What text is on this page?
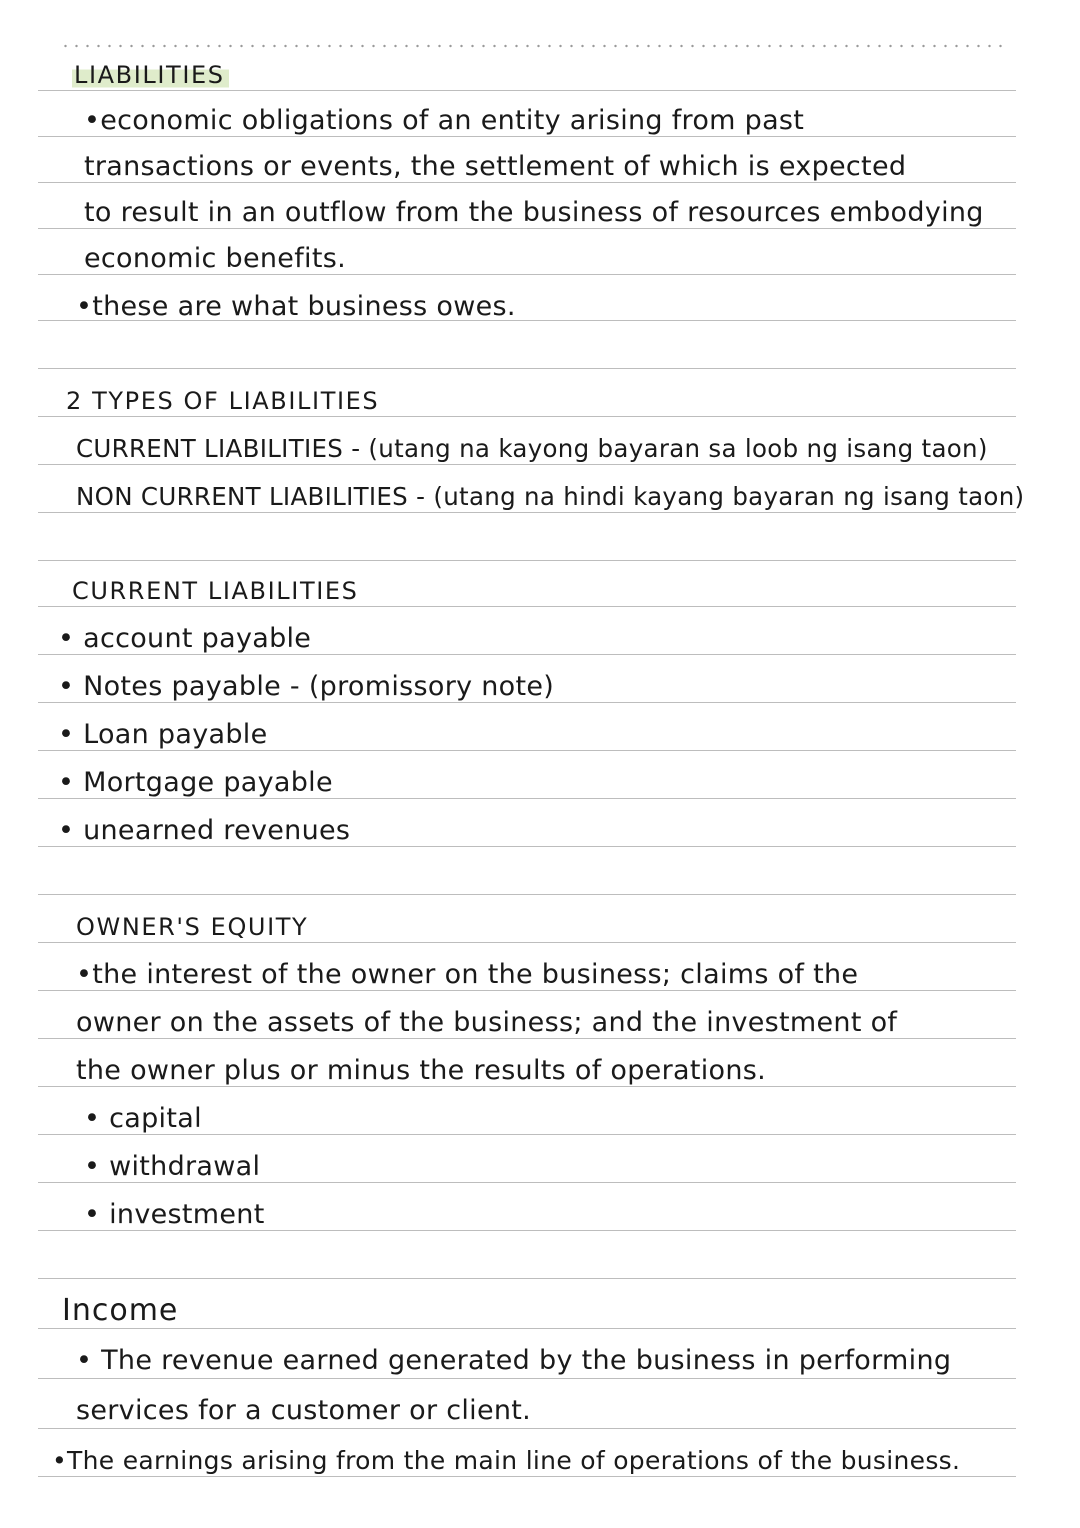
LIABILITIES
•economic obligations of an entity arising from past
transactions or events, the settlement of which is expected
to result in an outflow from the business of resources embodying
economic benefits.
•these are what business owes.
2 TYPES OF LIABILITIES
CURRENT LIABILITIES - (utang na kayong bayaran sa loob ng isang taon)
NON CURRENT LIABILITIES - (utang na hindi kayang bayaran ng isang taon)
CURRENT LIABILITIES
• account payable
• Notes payable - (promissory note)
• Loan payable
• Mortgage payable
• unearned revenues
OWNER'S EQUITY
•the interest of the owner on the business; claims of the
owner on the assets of the business; and the investment of
the owner plus or minus the results of operations.
• capital
• withdrawal
• investment
Income
• The revenue earned generated by the business in performing
services for a customer or client.
•The earnings arising from the main line of operations of the business.
